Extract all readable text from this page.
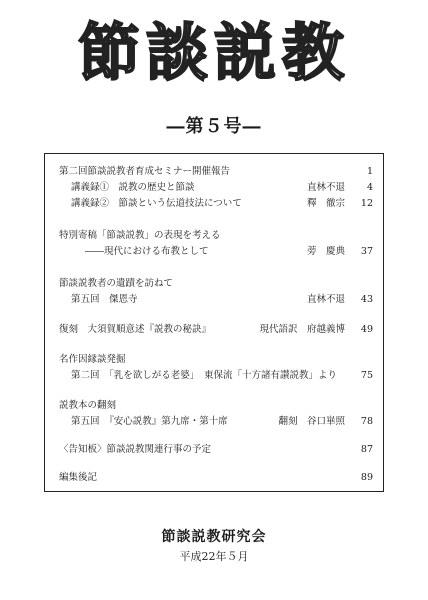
節談説教
―第５号―
第二回節談説教者育成セミナー開催報告	1
講義録①　説教の歴史と節談	直林不退 4
講義録②　節談という伝道技法について	釋　徹宗 12
特別寄稿「節談説教」の表現を考える
――現代における布教として	蒡　慶典 37
節談説教者の遺蹟を訪ねて
第五回　傑恩寺	直林不退 43
復刻　大須賀順意述『説教の秘訣』	現代語訳　府越義博 49
名作因縁談発掘
第二回　「乳を欲しがる老婆」　東保流「十方諸有讃説教」より	75
説教本の翻刻
第五回　『安心説教』第九席・第十席	翻刻　谷口崋照 78
〈告知板〉節談説教関連行事の予定	87
編集後記	89
節談説教研究会
平成22年５月
